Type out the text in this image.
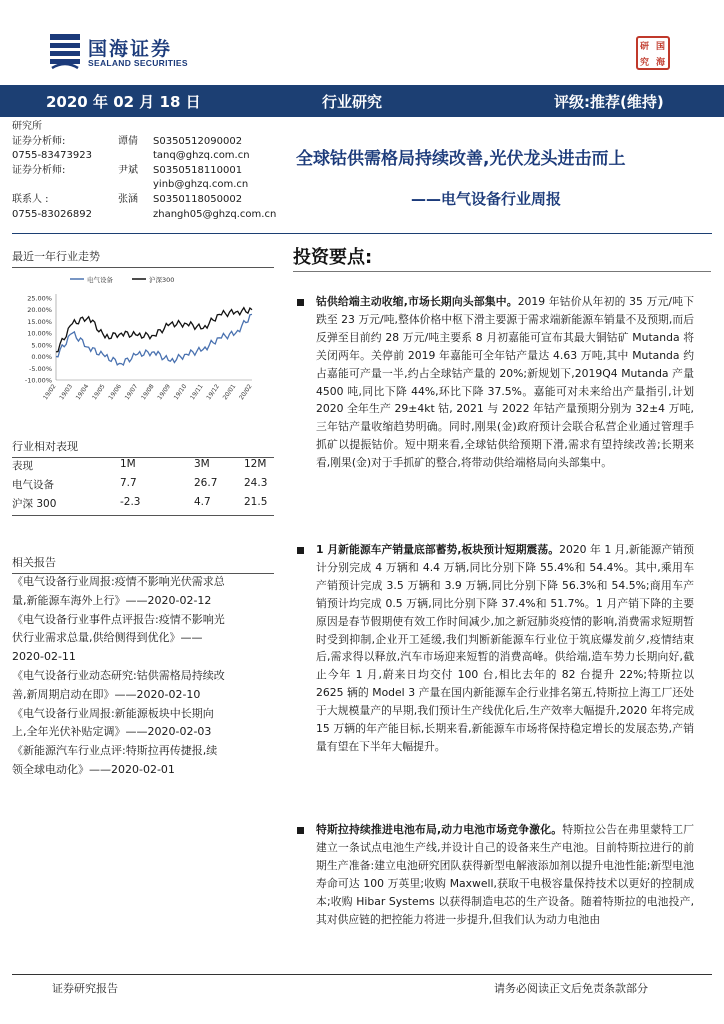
国海证券
SEALAND SECURITIES
研 国
究 海
2020 年 02 月 18 日	行业研究	评级:推荐(维持)
研究所
证券分析师:	谭倩 S0350512090002
0755-83473923	tanq@ghzq.com.cn
证券分析师:	尹斌 S0350518110001
yinb@ghzq.com.cn
联系人 :	张涵 S0350118050002
0755-83026892	zhangh05@ghzq.com.cn
全球钴供需格局持续改善,光伏龙头进击而上
——电气设备行业周报
最近一年行业走势
电气设备	沪深300
25.00%
20.00%
15.00%
10.00%
5.00%
0.00%
-5.00%
-10.00%
19/02 19/03 19/04 19/05 19/06 19/07 19/08 19/09 19/10 19/11 19/12 20/01 20/02
行业相对表现
表现	1M	3M	12M
电气设备	7.7	26.7	24.3
沪深 300	-2.3	4.7	21.5
相关报告
《电气设备行业周报:疫情不影响光伏需求总
量,新能源车海外上行》——2020-02-12
《电气设备行业事件点评报告:疫情不影响光
伏行业需求总量,供给侧得到优化》——
2020-02-11
《电气设备行业动态研究:钴供需格局持续改
善,新周期启动在即》——2020-02-10
《电气设备行业周报:新能源板块中长期向
上,全年光伏补贴定调》——2020-02-03
《新能源汽车行业点评:特斯拉再传捷报,续
领全球电动化》——2020-02-01
投资要点:
钴供给端主动收缩,市场长期向头部集中。2019 年钴价从年初的 35 万元/吨下跌至 23 万元/吨,整体价格中枢下滑主要源于需求端新能源车销量不及预期,而后反弹至目前约 28 万元/吨主要系 8 月初嘉能可宣布其最大铜钴矿 Mutanda 将关闭两年。关停前 2019 年嘉能可全年钴产量达 4.63 万吨,其中 Mutanda 约占嘉能可产量一半,约占全球钴产量的 20%;新规划下,2019Q4 Mutanda 产量 4500 吨,同比下降 44%,环比下降 37.5%。嘉能可对未来给出产量指引,计划 2020 全年生产 29±4kt 钴, 2021 与 2022 年钴产量预期分别为 32±4 万吨,三年钴产量收缩趋势明确。同时,刚果(金)政府预计会联合私营企业通过管理手抓矿以提振钴价。短中期来看,全球钴供给预期下滑,需求有望持续改善;长期来看,刚果(金)对于手抓矿的整合,将带动供给端格局向头部集中。
1 月新能源车产销量底部蓄势,板块预计短期震荡。2020 年 1 月,新能源产销预计分别完成 4 万辆和 4.4 万辆,同比分别下降 55.4%和 54.4%。其中,乘用车产销预计完成 3.5 万辆和 3.9 万辆,同比分别下降 56.3%和 54.5%;商用车产销预计均完成 0.5 万辆,同比分别下降 37.4%和 51.7%。1 月产销下降的主要原因是春节假期使有效工作时间减少,加之新冠肺炎疫情的影响,消费需求短期暂时受到抑制,企业开工延缓,我们判断新能源车行业位于筑底爆发前夕,疫情结束后,需求得以释放,汽车市场迎来短暂的消费高峰。供给端,造车势力长期向好,截止今年 1 月,蔚来日均交付 100 台,相比去年的 82 台提升 22%;特斯拉以 2625 辆的 Model 3 产量在国内新能源车企行业排名第五,特斯拉上海工厂还处于大规模量产的早期,我们预计生产线优化后,生产效率大幅提升,2020 年将完成 15 万辆的年产能目标,长期来看,新能源车市场将保持稳定增长的发展态势,产销量有望在下半年大幅提升。
特斯拉持续推进电池布局,动力电池市场竞争激化。特斯拉公告在弗里蒙特工厂建立一条试点电池生产线,并设计自己的设备来生产电池。目前特斯拉进行的前期生产准备:建立电池研究团队获得新型电解液添加剂以提升电池性能;新型电池寿命可达 100 万英里;收购 Maxwell,获取干电极容量保持技术以更好的控制成本;收购 Hibar Systems 以获得制造电芯的生产设备。随着特斯拉的电池投产,其对供应链的把控能力将进一步提升,但我们认为动力电池由
证券研究报告	请务必阅读正文后免责条款部分
